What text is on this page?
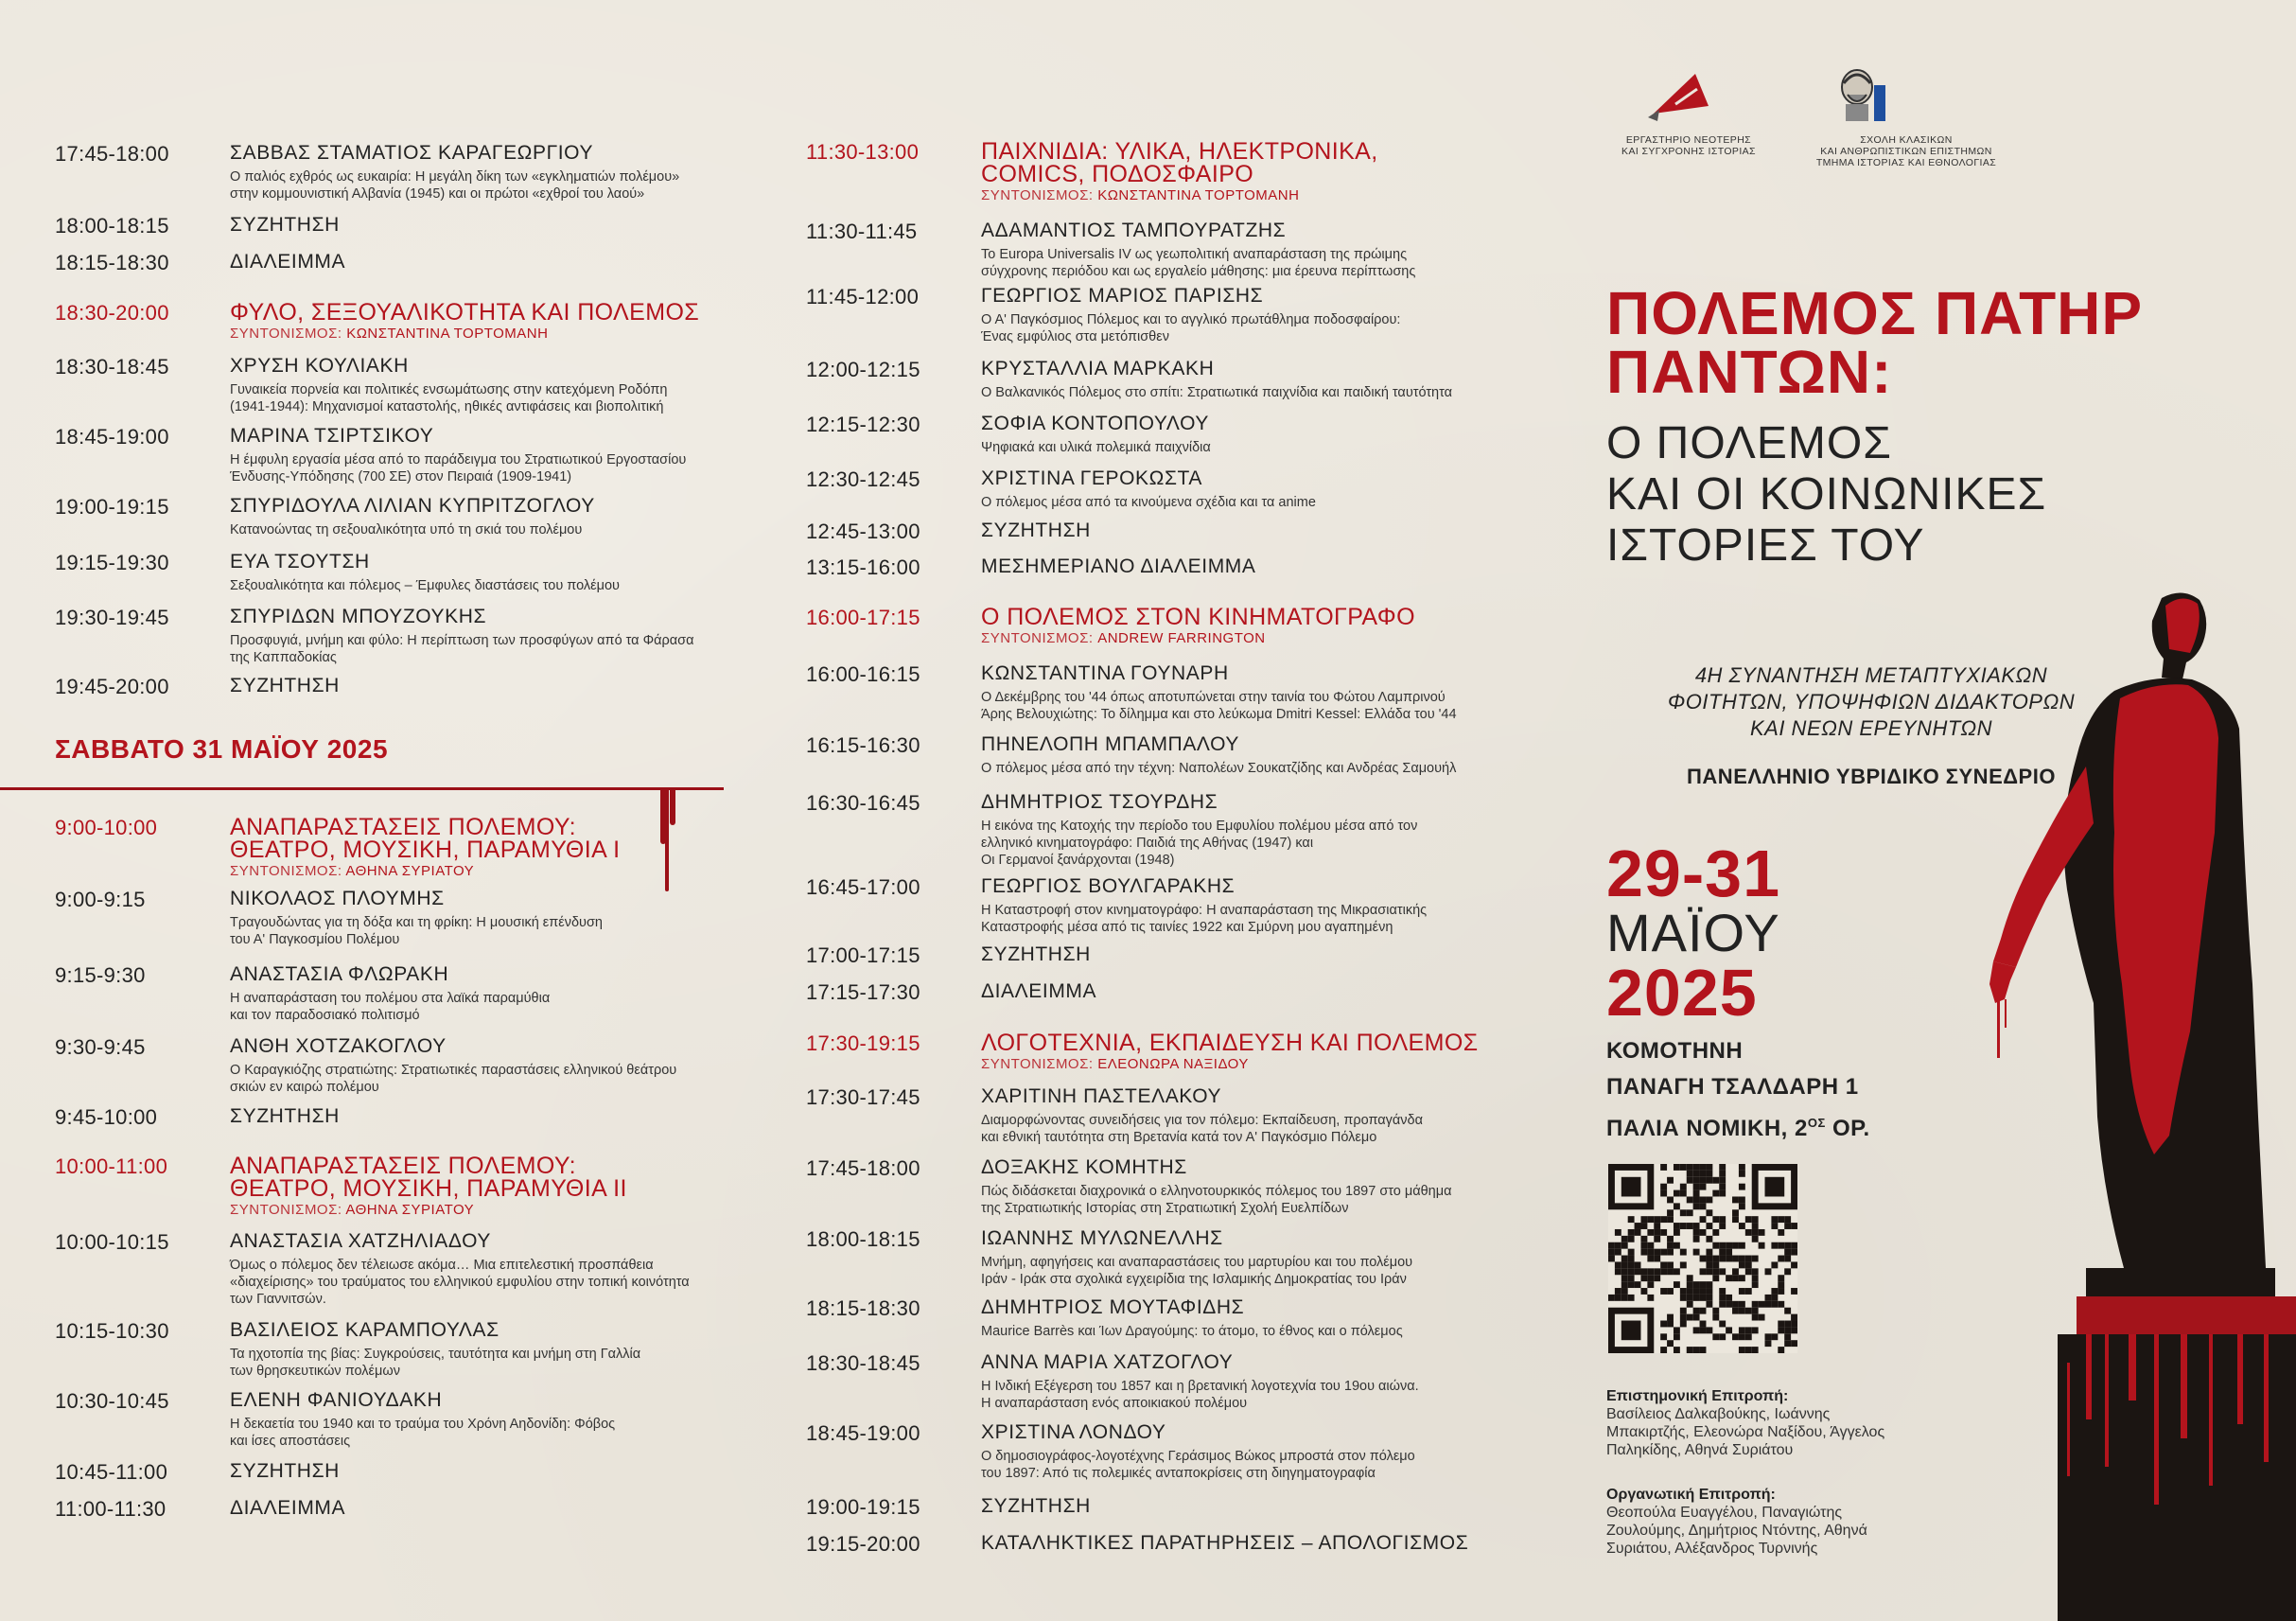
17:45-18:00	ΣΑΒΒΑΣ ΣΤΑΜΑΤΙΟΣ ΚΑΡΑΓΕΩΡΓΙΟΥ
Ο παλιός εχθρός ως ευκαιρία: Η μεγάλη δίκη των «εγκληματιών πολέμου»
στην κομμουνιστική Αλβανία (1945) και οι πρώτοι «εχθροί του λαού»
18:00-18:15	ΣΥΖΗΤΗΣΗ
18:15-18:30	ΔΙΑΛΕΙΜΜΑ
18:30-20:00	ΦΥΛΟ, ΣΕΞΟΥΑΛΙΚΟΤΗΤΑ ΚΑΙ ΠΟΛΕΜΟΣ
ΣΥΝΤΟΝΙΣΜΟΣ: ΚΩΝΣΤΑΝΤΙΝΑ ΤΟΡΤΟΜΑΝΗ
18:30-18:45	ΧΡΥΣΗ ΚΟΥΛΙΑΚΗ
Γυναικεία πορνεία και πολιτικές ενσωμάτωσης στην κατεχόμενη Ροδόπη
(1941-1944): Μηχανισμοί καταστολής, ηθικές αντιφάσεις και βιοπολιτική
18:45-19:00	ΜΑΡΙΝΑ ΤΣΙΡΤΣΙΚΟΥ
Η έμφυλη εργασία μέσα από το παράδειγμα του Στρατιωτικού Εργοστασίου
Ένδυσης-Υπόδησης (700 ΣΕ) στον Πειραιά (1909-1941)
19:00-19:15	ΣΠΥΡΙΔΟΥΛΑ ΛΙΛΙΑΝ ΚΥΠΡΙΤΖΟΓΛΟΥ
Κατανοώντας τη σεξουαλικότητα υπό τη σκιά του πολέμου
19:15-19:30	ΕΥΑ ΤΣΟΥΤΣΗ
Σεξουαλικότητα και πόλεμος – Έμφυλες διαστάσεις του πολέμου
19:30-19:45	ΣΠΥΡΙΔΩΝ ΜΠΟΥΖΟΥΚΗΣ
Προσφυγιά, μνήμη και φύλο: Η περίπτωση των προσφύγων από τα Φάρασα
της Καππαδοκίας
19:45-20:00	ΣΥΖΗΤΗΣΗ
ΣΑΒΒΑΤΟ 31 ΜΑΪΟΥ 2025
9:00-10:00	ΑΝΑΠΑΡΑΣΤΑΣΕΙΣ ΠΟΛΕΜΟΥ:
ΘΕΑΤΡΟ, ΜΟΥΣΙΚΗ, ΠΑΡΑΜΥΘΙΑ Ι
ΣΥΝΤΟΝΙΣΜΟΣ: ΑΘΗΝΑ ΣΥΡΙΑΤΟΥ
9:00-9:15	ΝΙΚΟΛΑΟΣ ΠΛΟΥΜΗΣ
Τραγουδώντας για τη δόξα και τη φρίκη: Η μουσική επένδυση
του Α' Παγκοσμίου Πολέμου
9:15-9:30	ΑΝΑΣΤΑΣΙΑ ΦΛΩΡΑΚΗ
Η αναπαράσταση του πολέμου στα λαϊκά παραμύθια
και τον παραδοσιακό πολιτισμό
9:30-9:45	ΑΝΘΗ ΧΟΤΖΑΚΟΓΛΟΥ
Ο Καραγκιόζης στρατιώτης: Στρατιωτικές παραστάσεις ελληνικού θεάτρου
σκιών εν καιρώ πολέμου
9:45-10:00	ΣΥΖΗΤΗΣΗ
10:00-11:00	ΑΝΑΠΑΡΑΣΤΑΣΕΙΣ ΠΟΛΕΜΟΥ:
ΘΕΑΤΡΟ, ΜΟΥΣΙΚΗ, ΠΑΡΑΜΥΘΙΑ ΙΙ
ΣΥΝΤΟΝΙΣΜΟΣ: ΑΘΗΝΑ ΣΥΡΙΑΤΟΥ
10:00-10:15	ΑΝΑΣΤΑΣΙΑ ΧΑΤΖΗΛΙΑΔΟΥ
Όμως ο πόλεμος δεν τέλειωσε ακόμα… Μια επιτελεστική προσπάθεια
«διαχείρισης» του τραύματος του ελληνικού εμφυλίου στην τοπική κοινότητα
των Γιαννιτσών.
10:15-10:30	ΒΑΣΙΛΕΙΟΣ ΚΑΡΑΜΠΟΥΛΑΣ
Τα ηχοτοπία της βίας: Συγκρούσεις, ταυτότητα και μνήμη στη Γαλλία
των θρησκευτικών πολέμων
10:30-10:45	ΕΛΕΝΗ ΦΑΝΙΟΥΔΑΚΗ
Η δεκαετία του 1940 και το τραύμα του Χρόνη Αηδονίδη: Φόβος
και ίσες αποστάσεις
10:45-11:00	ΣΥΖΗΤΗΣΗ
11:00-11:30	ΔΙΑΛΕΙΜΜΑ
11:30-13:00	ΠΑΙΧΝΙΔΙΑ: ΥΛΙΚΑ, ΗΛΕΚΤΡΟΝΙΚΑ,
COMICS, ΠΟΔΟΣΦΑΙΡΟ
ΣΥΝΤΟΝΙΣΜΟΣ: ΚΩΝΣΤΑΝΤΙΝΑ ΤΟΡΤΟΜΑΝΗ
11:30-11:45	ΑΔΑΜΑΝΤΙΟΣ ΤΑΜΠΟΥΡΑΤΖΗΣ
Το Europa Universalis IV ως γεωπολιτική αναπαράσταση της πρώιμης
σύγχρονης περιόδου και ως εργαλείο μάθησης: μια έρευνα περίπτωσης
11:45-12:00	ΓΕΩΡΓΙΟΣ ΜΑΡΙΟΣ ΠΑΡΙΣΗΣ
Ο Α' Παγκόσμιος Πόλεμος και το αγγλικό πρωτάθλημα ποδοσφαίρου:
Ένας εμφύλιος στα μετόπισθεν
12:00-12:15	ΚΡΥΣΤΑΛΛΙΑ ΜΑΡΚΑΚΗ
Ο Βαλκανικός Πόλεμος στο σπίτι: Στρατιωτικά παιχνίδια και παιδική ταυτότητα
12:15-12:30	ΣΟΦΙΑ ΚΟΝΤΟΠΟΥΛΟΥ
Ψηφιακά και υλικά πολεμικά παιχνίδια
12:30-12:45	ΧΡΙΣΤΙΝΑ ΓΕΡΟΚΩΣΤΑ
Ο πόλεμος μέσα από τα κινούμενα σχέδια και τα anime
12:45-13:00	ΣΥΖΗΤΗΣΗ
13:15-16:00	ΜΕΣΗΜΕΡΙΑΝΟ ΔΙΑΛΕΙΜΜΑ
16:00-17:15	Ο ΠΟΛΕΜΟΣ ΣΤΟΝ ΚΙΝΗΜΑΤΟΓΡΑΦΟ
ΣΥΝΤΟΝΙΣΜΟΣ: ANDREW FARRINGTON
16:00-16:15	ΚΩΝΣΤΑΝΤΙΝΑ ΓΟΥΝΑΡΗ
Ο Δεκέμβρης του '44 όπως αποτυπώνεται στην ταινία του Φώτου Λαμπρινού
Άρης Βελουχιώτης: Το δίλημμα και στο λεύκωμα Dmitri Kessel: Ελλάδα του '44
16:15-16:30	ΠΗΝΕΛΟΠΗ ΜΠΑΜΠΑΛΟΥ
Ο πόλεμος μέσα από την τέχνη: Ναπολέων Σουκατζίδης και Ανδρέας Σαμουήλ
16:30-16:45	ΔΗΜΗΤΡΙΟΣ ΤΣΟΥΡΔΗΣ
Η εικόνα της Κατοχής την περίοδο του Εμφυλίου πολέμου μέσα από τον
ελληνικό κινηματογράφο: Παιδιά της Αθήνας (1947) και
Οι Γερμανοί ξανάρχονται (1948)
16:45-17:00	ΓΕΩΡΓΙΟΣ ΒΟΥΛΓΑΡΑΚΗΣ
Η Καταστροφή στον κινηματογράφο: Η αναπαράσταση της Μικρασιατικής
Καταστροφής μέσα από τις ταινίες 1922 και Σμύρνη μου αγαπημένη
17:00-17:15	ΣΥΖΗΤΗΣΗ
17:15-17:30	ΔΙΑΛΕΙΜΜΑ
17:30-19:15	ΛΟΓΟΤΕΧΝΙΑ, ΕΚΠΑΙΔΕΥΣΗ ΚΑΙ ΠΟΛΕΜΟΣ
ΣΥΝΤΟΝΙΣΜΟΣ: ΕΛΕΟΝΩΡΑ ΝΑΞΙΔΟΥ
17:30-17:45	ΧΑΡΙΤΙΝΗ ΠΑΣΤΕΛΑΚΟΥ
Διαμορφώνοντας συνειδήσεις για τον πόλεμο: Εκπαίδευση, προπαγάνδα
και εθνική ταυτότητα στη Βρετανία κατά τον Α' Παγκόσμιο Πόλεμο
17:45-18:00	ΔΟΞΑΚΗΣ ΚΟΜΗΤΗΣ
Πώς διδάσκεται διαχρονικά ο ελληνοτουρκικός πόλεμος του 1897 στο μάθημα
της Στρατιωτικής Ιστορίας στη Στρατιωτική Σχολή Ευελπίδων
18:00-18:15	ΙΩΑΝΝΗΣ ΜΥΛΩΝΕΛΛΗΣ
Μνήμη, αφηγήσεις και αναπαραστάσεις του μαρτυρίου και του πολέμου
Ιράν - Ιράκ στα σχολικά εγχειρίδια της Ισλαμικής Δημοκρατίας του Ιράν
18:15-18:30	ΔΗΜΗΤΡΙΟΣ ΜΟΥΤΑΦΙΔΗΣ
Maurice Barrès και Ίων Δραγούμης: το άτομο, το έθνος και ο πόλεμος
18:30-18:45	ΑΝΝΑ ΜΑΡΙΑ ΧΑΤΖΟΓΛΟΥ
Η Ινδική Εξέγερση του 1857 και η βρετανική λογοτεχνία του 19ου αιώνα.
Η αναπαράσταση ενός αποικιακού πολέμου
18:45-19:00	ΧΡΙΣΤΙΝΑ ΛΟΝΔΟΥ
Ο δημοσιογράφος-λογοτέχνης Γεράσιμος Βώκος μπροστά στον πόλεμο
του 1897: Από τις πολεμικές ανταποκρίσεις στη διηγηματογραφία
19:00-19:15	ΣΥΖΗΤΗΣΗ
19:15-20:00	ΚΑΤΑΛΗΚΤΙΚΕΣ ΠΑΡΑΤΗΡΗΣΕΙΣ – ΑΠΟΛΟΓΙΣΜΟΣ
ΕΡΓΑΣΤΗΡΙΟ ΝΕΟΤΕΡΗΣ
ΚΑΙ ΣΥΓΧΡΟΝΗΣ ΙΣΤΟΡΙΑΣ
ΣΧΟΛΗ ΚΛΑΣΙΚΩΝ
ΚΑΙ ΑΝΘΡΩΠΙΣΤΙΚΩΝ ΕΠΙΣΤΗΜΩΝ
ΤΜΗΜΑ ΙΣΤΟΡΙΑΣ ΚΑΙ ΕΘΝΟΛΟΓΙΑΣ
ΠΟΛΕΜΟΣ ΠΑΤΗΡ
ΠΑΝΤΩΝ:
Ο ΠΟΛΕΜΟΣ
ΚΑΙ ΟΙ ΚΟΙΝΩΝΙΚΕΣ
ΙΣΤΟΡΙΕΣ ΤΟΥ
4Η ΣΥΝΑΝΤΗΣΗ ΜΕΤΑΠΤΥΧΙΑΚΩΝ
ΦΟΙΤΗΤΩΝ, ΥΠΟΨΗΦΙΩΝ ΔΙΔΑΚΤΟΡΩΝ
ΚΑΙ ΝΕΩΝ ΕΡΕΥΝΗΤΩΝ
ΠΑΝΕΛΛΗΝΙΟ ΥΒΡΙΔΙΚΟ ΣΥΝΕΔΡΙΟ
29-31
ΜΑΪΟΥ
2025
ΚΟΜΟΤΗΝΗ
ΠΑΝΑΓΗ ΤΣΑΛΔΑΡΗ 1
ΠΑΛΙΑ ΝΟΜΙΚΗ, $2^{O\Sigma}$ ΟΡ.
Επιστημονική Επιτροπή:
Βασίλειος Δαλκαβούκης, Ιωάννης
Μπακιρτζής, Ελεονώρα Ναξίδου, Άγγελος
Παληκίδης, Αθηνά Συριάτου
Οργανωτική Επιτροπή:
Θεοπούλα Ευαγγέλου, Παναγιώτης
Ζουλούμης, Δημήτριος Ντόντης, Αθηνά
Συριάτου, Αλέξανδρος Τυρνινής
